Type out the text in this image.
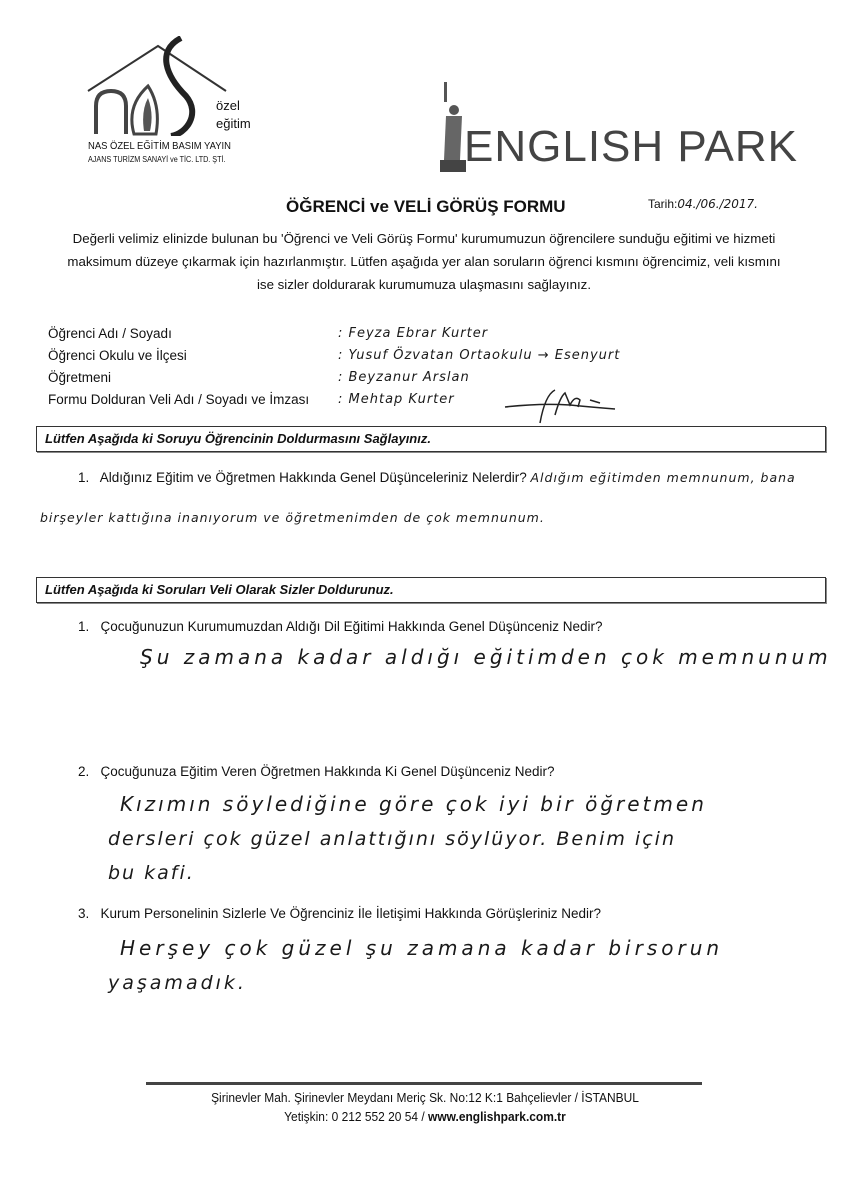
özel
eğitim
NAS ÖZEL EĞİTİM BASIM YAYIN
AJANS TURİZM SANAYİ ve TİC. LTD. ŞTİ.	ENGLISH PARK
ÖĞRENCİ ve VELİ GÖRÜŞ FORMU	Tarih:04./06./2017.
Değerli velimiz elinizde bulunan bu 'Öğrenci ve Veli Görüş Formu' kurumumuzun öğrencilere sunduğu eğitimi ve hizmeti
maksimum düzeye çıkarmak için hazırlanmıştır. Lütfen aşağıda yer alan soruların öğrenci kısmını öğrencimiz, veli kısmını
ise sizler doldurarak kurumumuza ulaşmasını sağlayınız.
Öğrenci Adı / Soyadı	: Feyza Ebrar Kurter
Öğrenci Okulu ve İlçesi	: Yusuf Özvatan Ortaokulu → Esenyurt
Öğretmeni	: Beyzanur Arslan
Formu Dolduran Veli Adı / Soyadı ve İmzası : Mehtap Kurter
Lütfen Aşağıda ki Soruyu Öğrencinin Doldurmasını Sağlayınız.
1. Aldığınız Eğitim ve Öğretmen Hakkında Genel Düşünceleriniz Nelerdir? Aldığım eğitimden memnunum, bana
birşeyler kattığına inanıyorum ve öğretmenimden de çok memnunum.
Lütfen Aşağıda ki Soruları Veli Olarak Sizler Doldurunuz.
1. Çocuğunuzun Kurumumuzdan Aldığı Dil Eğitimi Hakkında Genel Düşünceniz Nedir?
Şu zamana kadar aldığı eğitimden çok memnunum
2. Çocuğunuza Eğitim Veren Öğretmen Hakkında Ki Genel Düşünceniz Nedir?
Kızımın söylediğine göre çok iyi bir öğretmen
dersleri çok güzel anlattığını söylüyor. Benim için
bu kafi.
3. Kurum Personelinin Sizlerle Ve Öğrenciniz İle İletişimi Hakkında Görüşleriniz Nedir?
Herşey çok güzel şu zamana kadar birsorun
yaşamadık.
Şirinevler Mah. Şirinevler Meydanı Meriç Sk. No:12 K:1 Bahçelievler / İSTANBUL
Yetişkin: 0 212 552 20 54 / www.englishpark.com.tr
